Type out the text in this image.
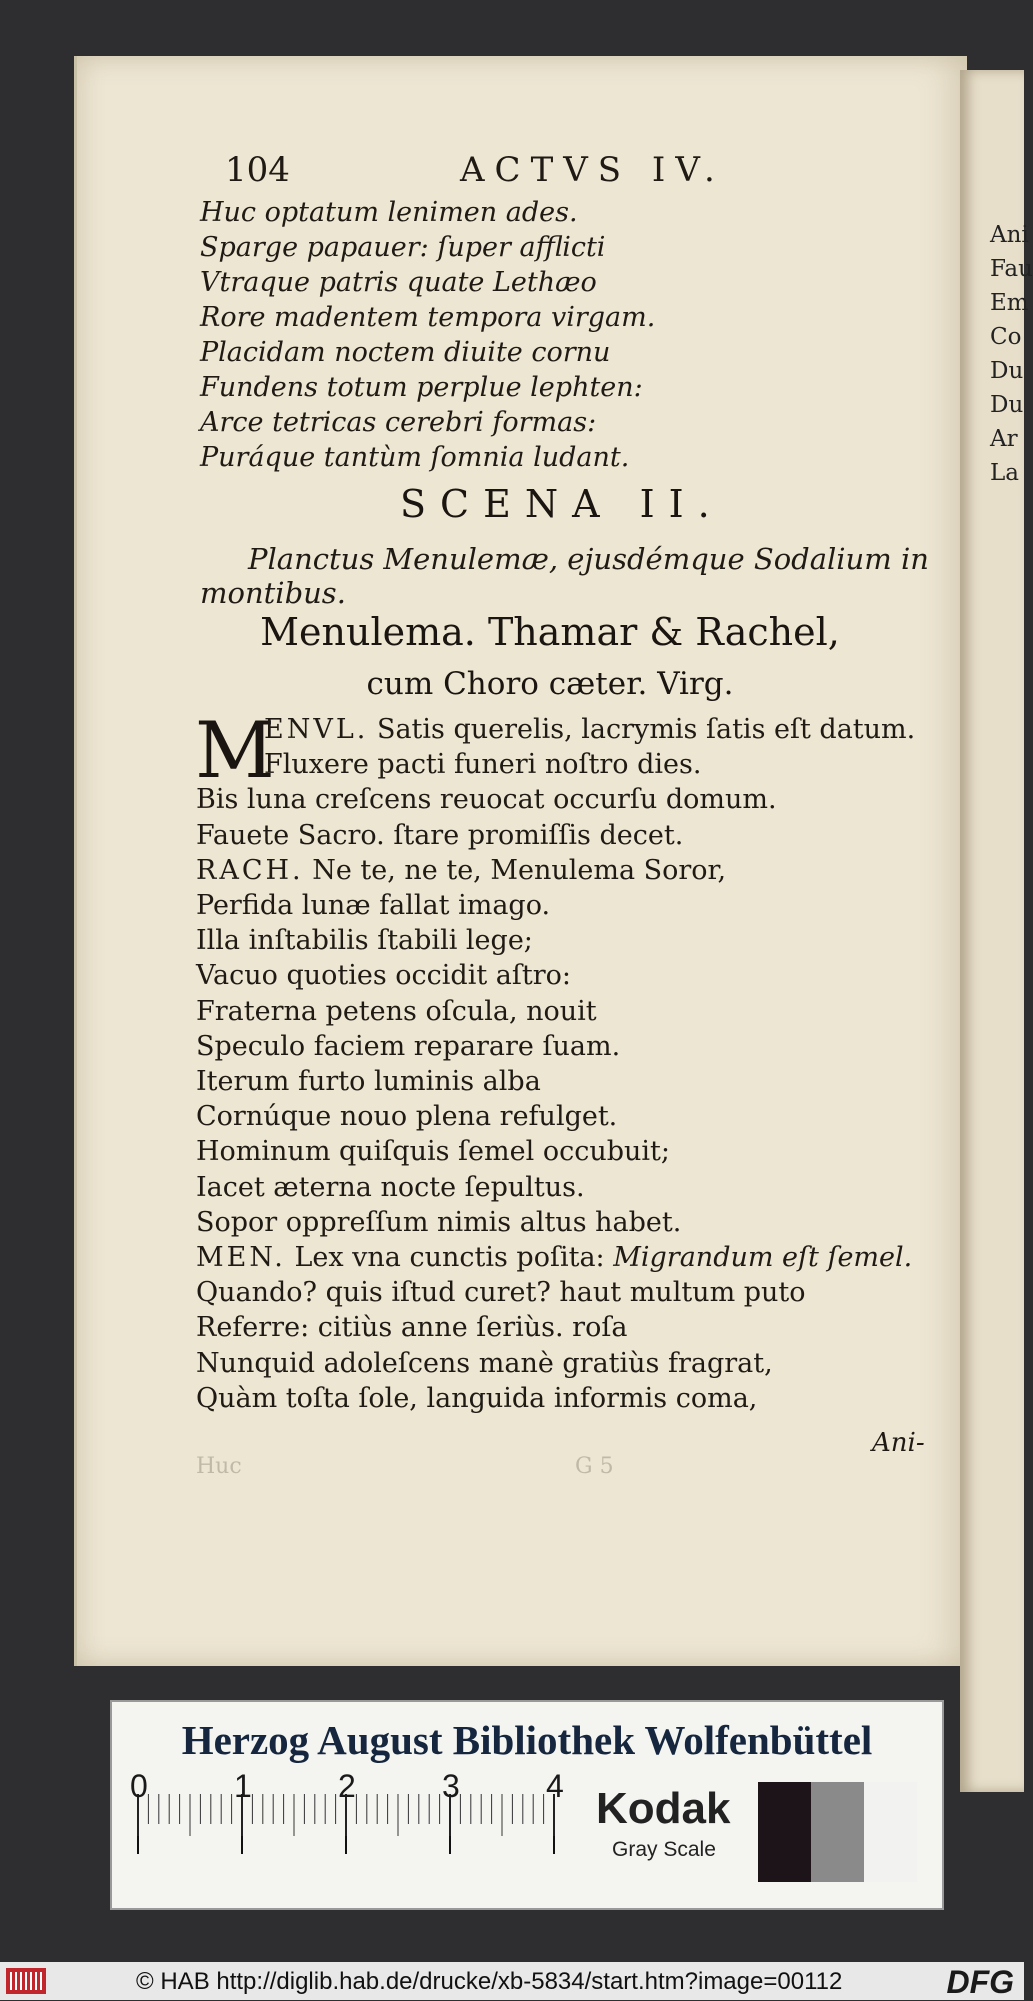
Ani
Fau
Em
Co
Du
Du
Ar
La
104	ACTVS IV.
Huc optatum lenimen ades.
Sparge papauer: ſuper afflicti
Vtraque patris quate Lethæo
Rore madentem tempora virgam.
Placidam noctem diuite cornu
Fundens totum perplue lephten:
Arce tetricas cerebri formas:
Puráque tantùm ſomnia ludant.
SCENA II.
Planctus Menulemæ, ejusdémque Sodalium in
montibus.
Menulema. Thamar & Rachel,
cum Choro cæter. Virg.
M
ENVL. Satis querelis, lacrymis ſatis eſt datum.
Fluxere pacti funeri noſtro dies.
Bis luna creſcens reuocat occurſu domum.
Fauete Sacro. ſtare promiſſis decet.
RACH. Ne te, ne te, Menulema Soror,
Perfida lunæ fallat imago.
Illa inſtabilis ſtabili lege;
Vacuo quoties occidit aſtro:
Fraterna petens oſcula, nouit
Speculo faciem reparare ſuam.
Iterum furto luminis alba
Cornúque nouo plena refulget.
Hominum quiſquis ſemel occubuit;
Iacet æterna nocte ſepultus.
Sopor oppreſſum nimis altus habet.
MEN. Lex vna cunctis poſita: Migrandum eſt ſemel.
Quando? quis iſtud curet? haut multum puto
Referre: citiùs anne ſeriùs. roſa
Nunquid adoleſcens manè gratiùs fragrat,
Quàm toſta ſole, languida informis coma,
Ani-
Huc	G 5
Herzog August Bibliothek Wolfenbüttel
0	1	2	3	4 Kodak
Gray Scale
© HAB http://diglib.hab.de/drucke/xb-5834/start.htm?image=00112	DFG
